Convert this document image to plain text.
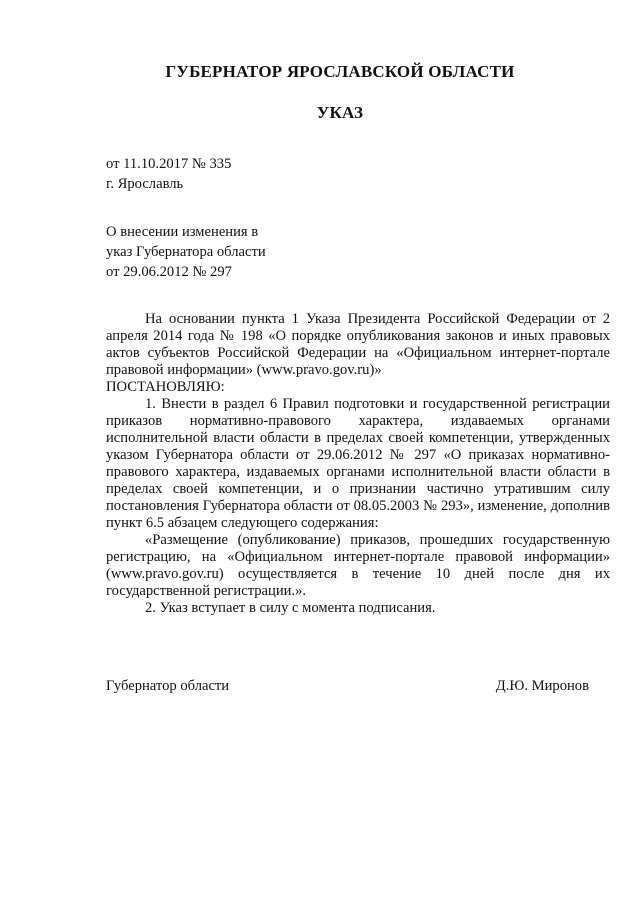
ГУБЕРНАТОР ЯРОСЛАВСКОЙ ОБЛАСТИ
УКАЗ
от 11.10.2017 № 335
г. Ярославль
О внесении изменения в
указ Губернатора области
от 29.06.2012 № 297

На основании пункта 1 Указа Президента Российской Федерации от 2 апреля 2014 года № 198 «О порядке опубликования законов и иных правовых актов субъектов Российской Федерации на «Официальном интернет-портале правовой информации» (www.pravo.gov.ru)»

ПОСТАНОВЛЯЮ:

1. Внести в раздел 6 Правил подготовки и государственной регистрации приказов нормативно-правового характера, издаваемых органами исполнительной власти области в пределах своей компетенции, утвержденных указом Губернатора области от 29.06.2012 № 297 «О приказах нормативно-правового характера, издаваемых органами исполнительной власти области в пределах своей компетенции, и о признании частично утратившим силу постановления Губернатора области от 08.05.2003 № 293», изменение, дополнив пункт 6.5 абзацем следующего содержания:

«Размещение (опубликование) приказов, прошедших государственную регистрацию, на «Официальном интернет-портале правовой информации» (www.pravo.gov.ru) осуществляется в течение 10 дней после дня их государственной регистрации.».

2. Указ вступает в силу с момента подписания.

Губернатор области	Д.Ю. Миронов
